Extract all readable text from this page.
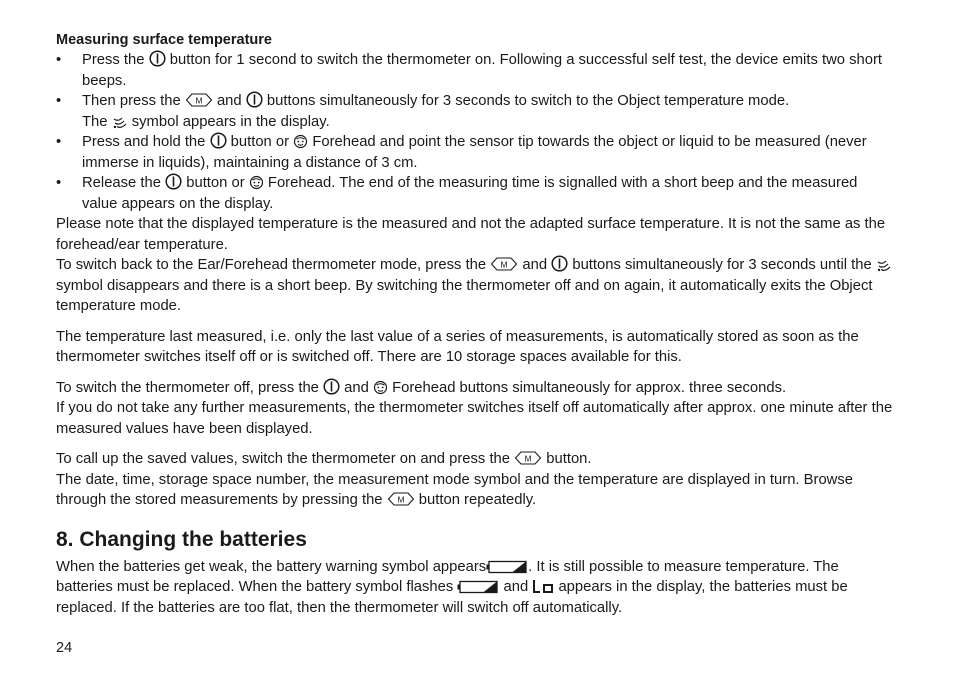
Measuring surface temperature

• Press the button for 1 second to switch the thermometer on. Following a successful self test, the device emits two short beeps.
• Then press the M and buttons simultaneously for 3 seconds to switch to the Object temperature mode.
The symbol appears in the display.
• Press and hold the button or Forehead and point the sensor tip towards the object or liquid to be measured (never immerse in liquids), maintaining a distance of 3 cm.
• Release the button or Forehead. The end of the measuring time is signalled with a short beep and the measured value appears on the display.

Please note that the displayed temperature is the measured and not the adapted surface temperature. It is not the same as the forehead/ear temperature.

To switch back to the Ear/Forehead thermometer mode, press the M and buttons simultaneously for 3 seconds until the  symbol disappears and there is a short beep. By switching the thermometer off and on again, it automatically exits the Object temperature mode.

The temperature last measured, i.e. only the last value of a series of measurements, is automatically stored as soon as the thermometer switches itself off or is switched off. There are 10 storage spaces available for this.

To switch the thermometer off, press the and Forehead buttons simultaneously for approx. three seconds.

If you do not take any further measurements, the thermometer switches itself off automatically after approx. one minute after the measured values have been displayed.

To call up the saved values, switch the thermometer on and press the M button.

The date, time, storage space number, the measurement mode symbol and the temperature are displayed in turn. Browse through the stored measurements by pressing the M button repeatedly.

8. Changing the batteries

When the batteries get weak, the battery warning symbol appears	. It is still possible to measure temperature. The batteries must be replaced. When the battery symbol flashes	and appears in the display, the batteries must be replaced. If the batteries are too flat, then the thermometer will switch off automatically.

24
